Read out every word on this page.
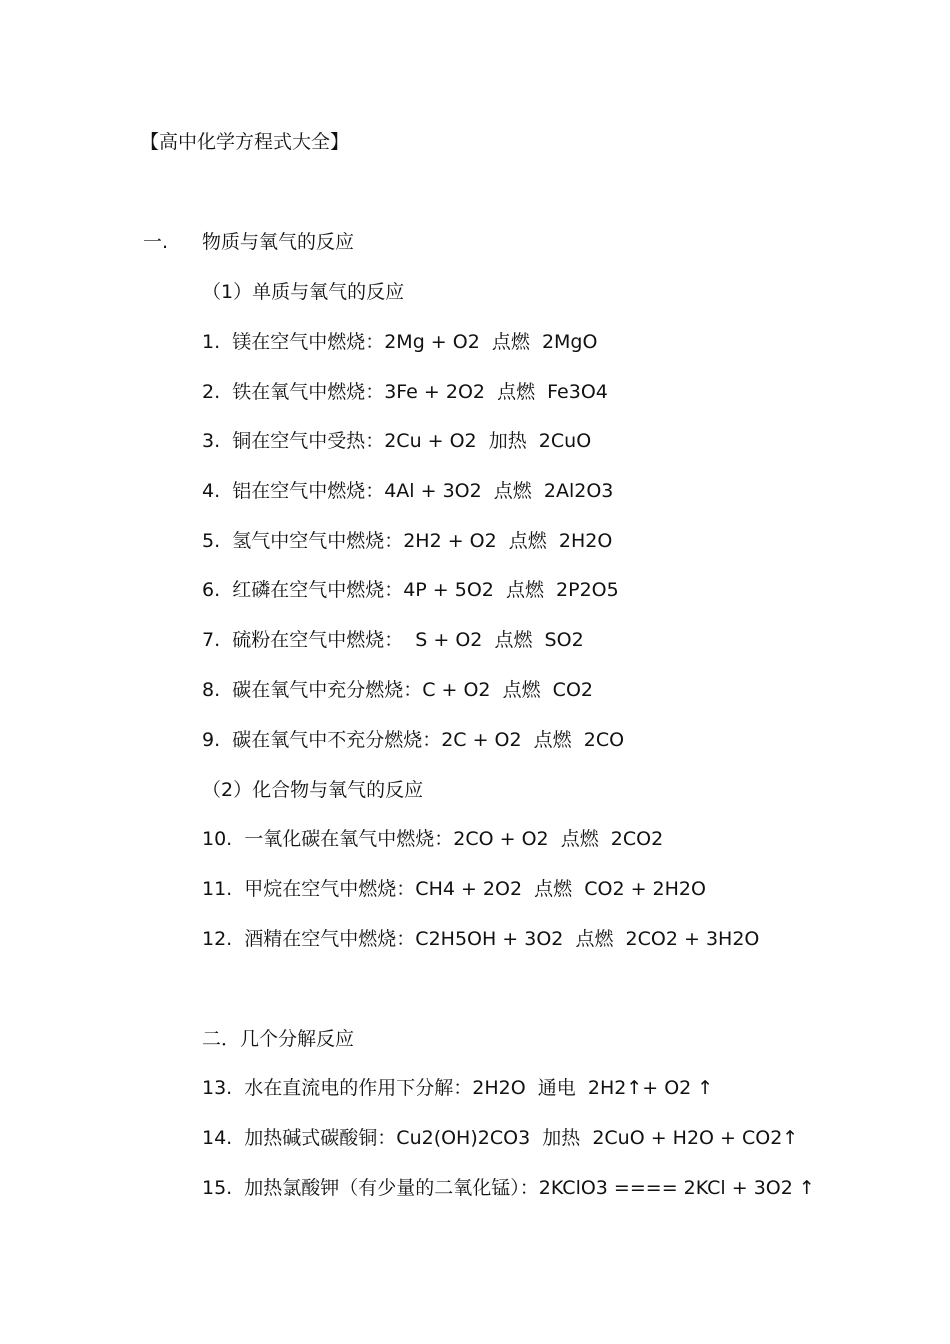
【高中化学方程式大全】
一. 物质与氧气的反应
（1）单质与氧气的反应
1.  镁在空气中燃烧：2Mg + O2  点燃  2MgO
2.  铁在氧气中燃烧：3Fe + 2O2  点燃  Fe3O4
3.  铜在空气中受热：2Cu + O2  加热  2CuO
4.  铝在空气中燃烧：4Al + 3O2  点燃  2Al2O3
5.  氢气中空气中燃烧：2H2 + O2  点燃  2H2O
6.  红磷在空气中燃烧：4P + 5O2  点燃  2P2O5
7.  硫粉在空气中燃烧：  S + O2  点燃  SO2
8.  碳在氧气中充分燃烧：C + O2  点燃  CO2
9.  碳在氧气中不充分燃烧：2C + O2  点燃  2CO
（2）化合物与氧气的反应
10.  一氧化碳在氧气中燃烧：2CO + O2  点燃  2CO2
11.  甲烷在空气中燃烧：CH4 + 2O2  点燃  CO2 + 2H2O
12.  酒精在空气中燃烧：C2H5OH + 3O2  点燃  2CO2 + 3H2O
二．几个分解反应
13.  水在直流电的作用下分解：2H2O  通电  2H2↑+ O2 ↑
14.  加热碱式碳酸铜：Cu2(OH)2CO3  加热  2CuO + H2O + CO2↑
15.  加热氯酸钾（有少量的二氧化锰）：2KClO3 ==== 2KCl + 3O2 ↑
